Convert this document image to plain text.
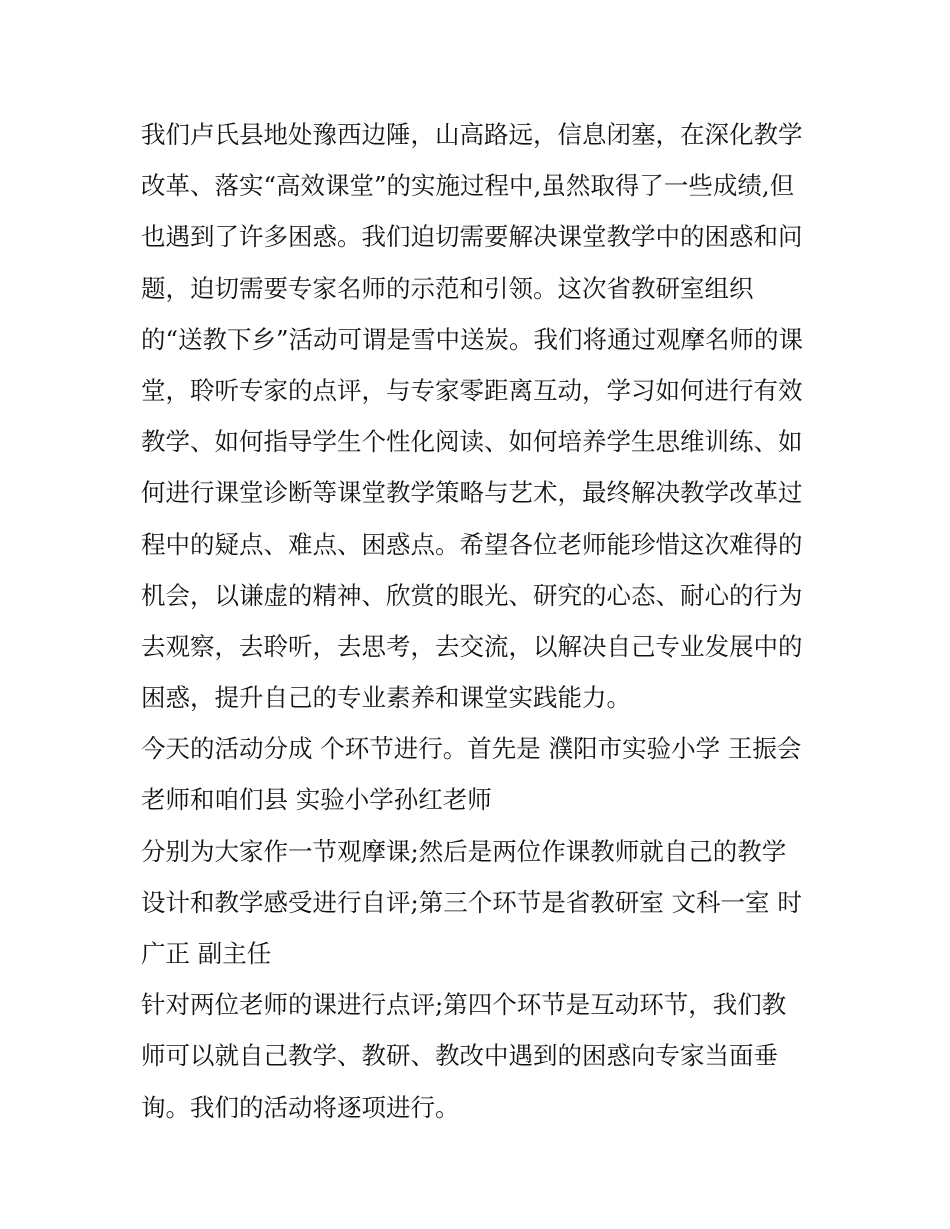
我们卢氏县地处豫西边陲，山高路远，信息闭塞，在深化教学
改革、落实“高效课堂”的实施过程中,虽然取得了一些成绩,但
也遇到了许多困惑。我们迫切需要解决课堂教学中的困惑和问
题，迫切需要专家名师的示范和引领。这次省教研室组织
的“送教下乡”活动可谓是雪中送炭。我们将通过观摩名师的课
堂，聆听专家的点评，与专家零距离互动，学习如何进行有效
教学、如何指导学生个性化阅读、如何培养学生思维训练、如
何进行课堂诊断等课堂教学策略与艺术，最终解决教学改革过
程中的疑点、难点、困惑点。希望各位老师能珍惜这次难得的
机会，以谦虚的精神、欣赏的眼光、研究的心态、耐心的行为
去观察，去聆听，去思考，去交流，以解决自己专业发展中的
困惑，提升自己的专业素养和课堂实践能力。
今天的活动分成 个环节进行。首先是 濮阳市实验小学 王振会
老师和咱们县 实验小学孙红老师
分别为大家作一节观摩课;然后是两位作课教师就自己的教学
设计和教学感受进行自评;第三个环节是省教研室 文科一室 时
广正 副主任
针对两位老师的课进行点评;第四个环节是互动环节，我们教
师可以就自己教学、教研、教改中遇到的困惑向专家当面垂
询。我们的活动将逐项进行。
